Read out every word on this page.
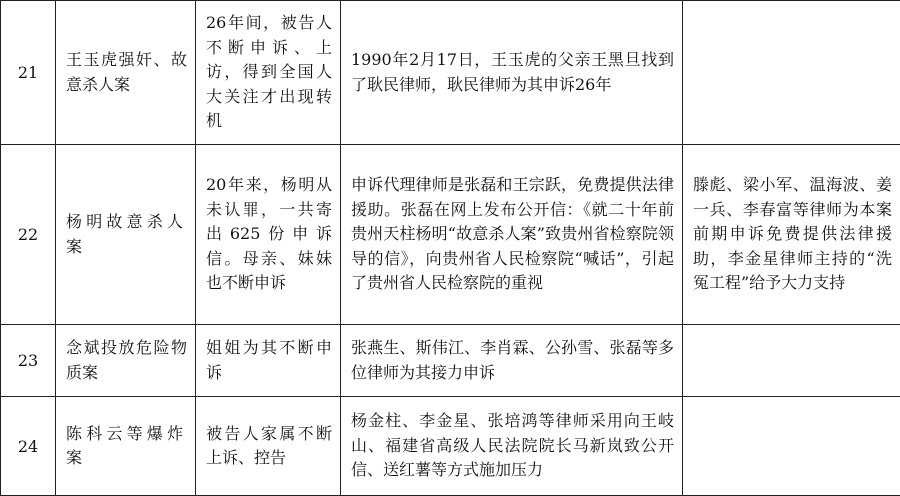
21	王玉虎强奸、故意杀人案	26年间，被告人不断申诉、上访，得到全国人大关注才出现转机	1990年2月17日，王玉虎的父亲王黑旦找到了耿民律师，耿民律师为其申诉26年	

22	杨明故意杀人案	20年来，杨明从未认罪，一共寄出625份申诉信。母亲、妹妹也不断申诉	申诉代理律师是张磊和王宗跃，免费提供法律援助。张磊在网上发布公开信：《就二十年前贵州天柱杨明“故意杀人案”致贵州省检察院领导的信》，向贵州省人民检察院“喊话”，引起了贵州省人民检察院的重视	滕彪、梁小军、温海波、姜一兵、李春富等律师为本案前期申诉免费提供法律援助，李金星律师主持的“洗冤工程”给予大力支持

23	念斌投放危险物质案	姐姐为其不断申诉	张燕生、斯伟江、李肖霖、公孙雪、张磊等多位律师为其接力申诉	

24	陈科云等爆炸案	被告人家属不断上诉、控告	杨金柱、李金星、张培鸿等律师采用向王岐山、福建省高级人民法院院长马新岚致公开信、送红薯等方式施加压力	
